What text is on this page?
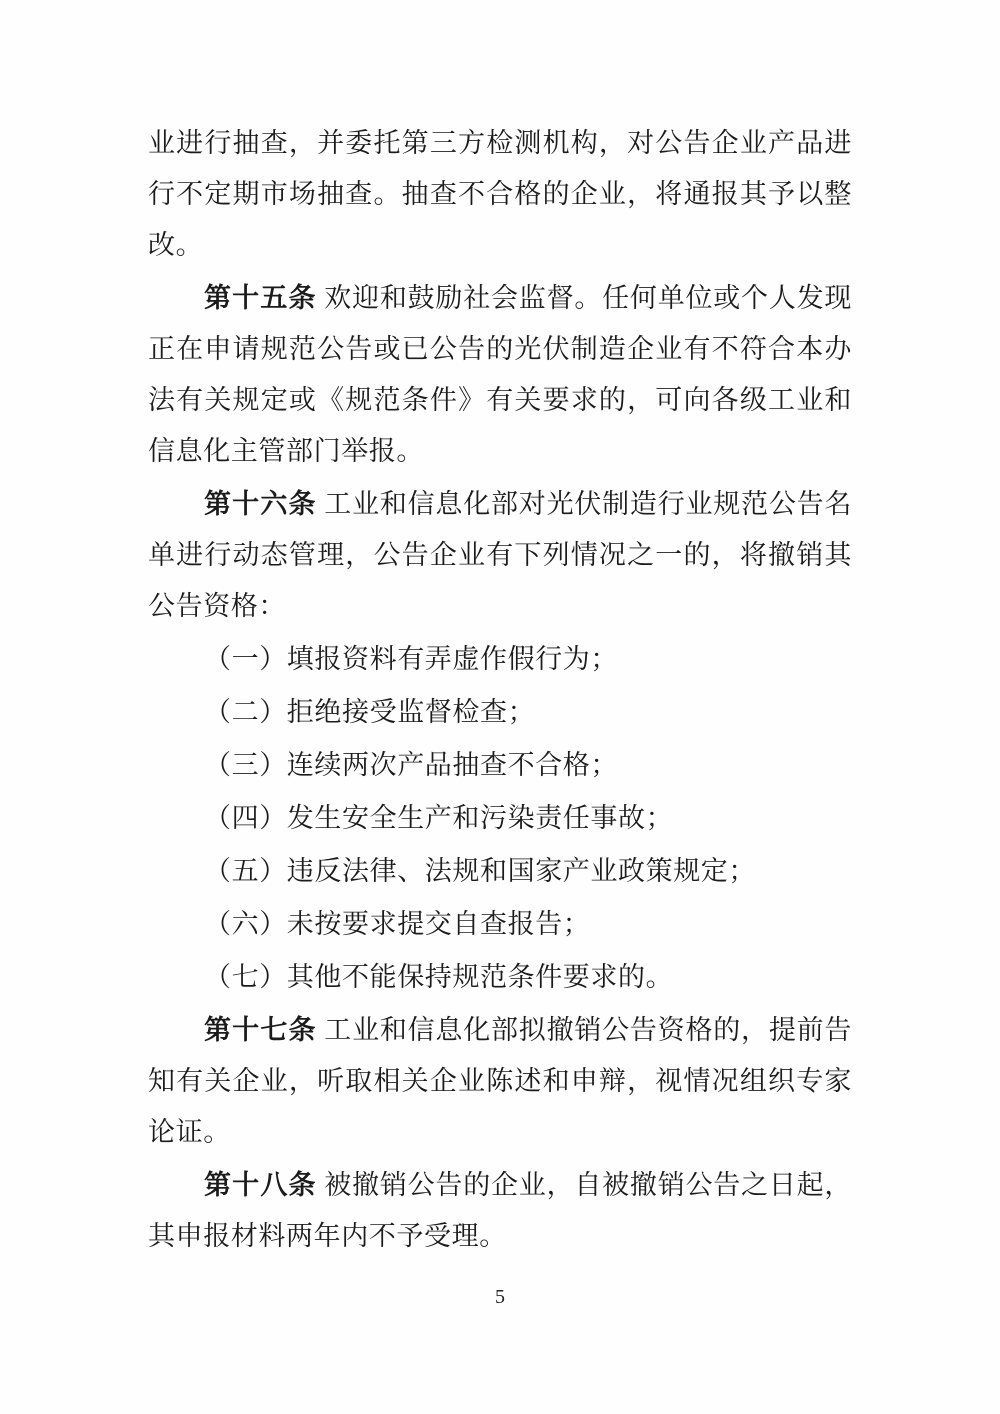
业进行抽查，并委托第三方检测机构，对公告企业产品进行不定期市场抽查。抽查不合格的企业，将通报其予以整改。

第十五条 欢迎和鼓励社会监督。任何单位或个人发现正在申请规范公告或已公告的光伏制造企业有不符合本办法有关规定或《规范条件》有关要求的，可向各级工业和信息化主管部门举报。

第十六条 工业和信息化部对光伏制造行业规范公告名单进行动态管理，公告企业有下列情况之一的，将撤销其公告资格：

（一）填报资料有弄虚作假行为；

（二）拒绝接受监督检查；

（三）连续两次产品抽查不合格；

（四）发生安全生产和污染责任事故；

（五）违反法律、法规和国家产业政策规定；

（六）未按要求提交自查报告；

（七）其他不能保持规范条件要求的。

第十七条 工业和信息化部拟撤销公告资格的，提前告知有关企业，听取相关企业陈述和申辩，视情况组织专家论证。

第十八条 被撤销公告的企业，自被撤销公告之日起，其申报材料两年内不予受理。

5
